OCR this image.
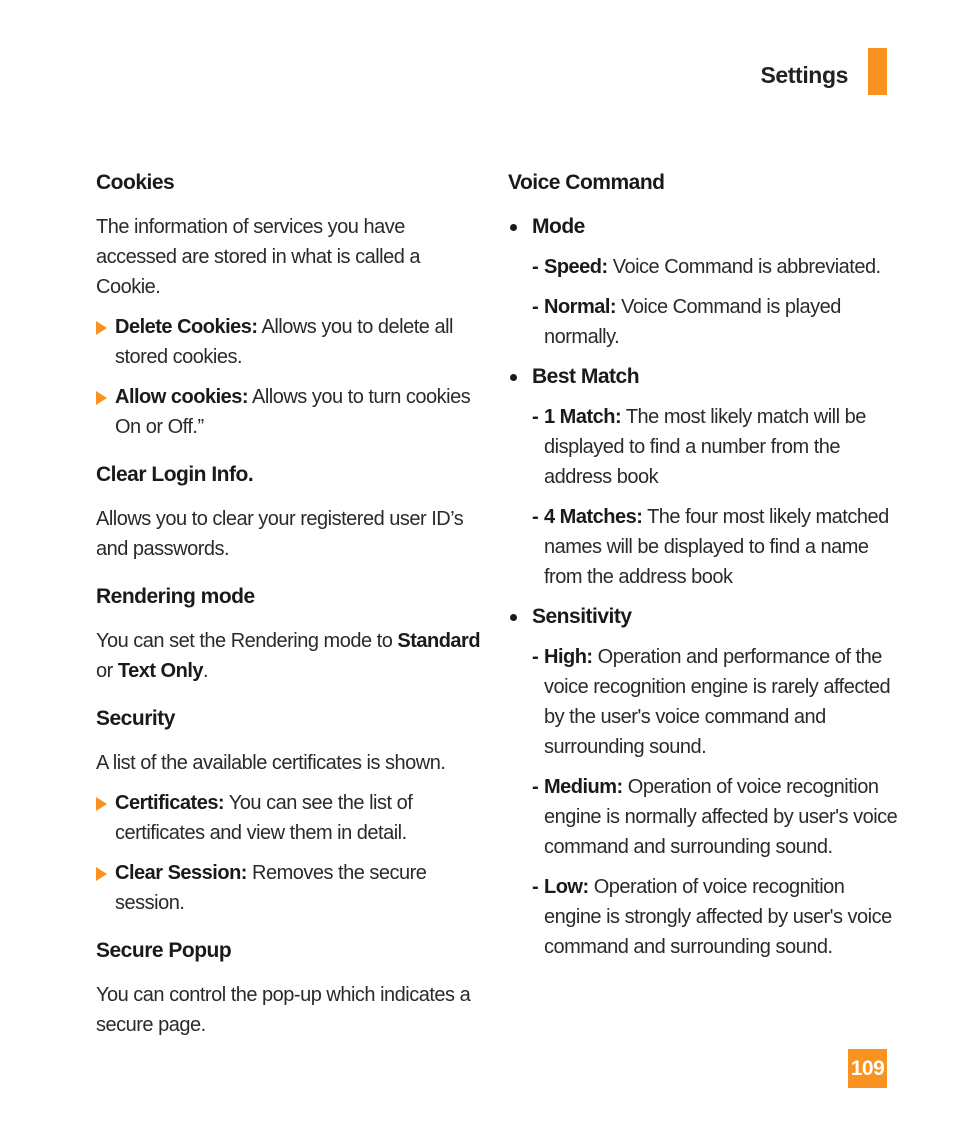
Settings
Cookies
The information of services you have accessed are stored in what is called a Cookie.
Delete Cookies: Allows you to delete all stored cookies.
Allow cookies: Allows you to turn cookies On or Off.”
Clear Login Info.
Allows you to clear your registered user ID’s and passwords.
Rendering mode
You can set the Rendering mode to Standard or Text Only.
Security
A list of the available certificates is shown.
Certificates: You can see the list of certificates and view them in detail.
Clear Session: Removes the secure session.
Secure Popup
You can control the pop-up which indicates a secure page.
Voice Command
Mode
- Speed: Voice Command is abbreviated.
- Normal: Voice Command is played normally.
Best Match
- 1 Match: The most likely match will be displayed to find a number from the address book
- 4 Matches: The four most likely matched names will be displayed to find a name from the address book
Sensitivity
- High: Operation and performance of the voice recognition engine is rarely affected by the user's voice command and surrounding sound.
- Medium: Operation of voice recognition engine is normally affected by user's voice command and surrounding sound.
- Low: Operation of voice recognition engine is strongly affected by user's voice command and surrounding sound.
109
